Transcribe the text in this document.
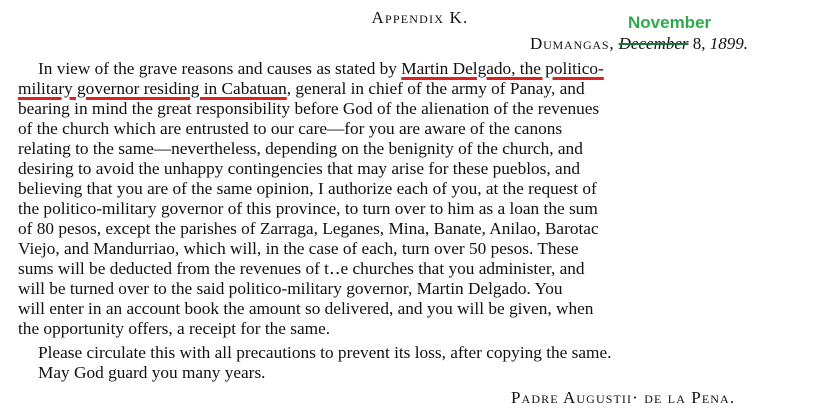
Appendix K.	November
Dumangas, December 8, 1899.
In view of the grave reasons and causes as stated by Martin Delgado, the politico-
military governor residing in Cabatuan, general in chief of the army of Panay, and
bearing in mind the great responsibility before God of the alienation of the revenues
of the church which are entrusted to our care—for you are aware of the canons
relating to the same—nevertheless, depending on the benignity of the church, and
desiring to avoid the unhappy contingencies that may arise for these pueblos, and
believing that you are of the same opinion, I authorize each of you, at the request of
the politico-military governor of this province, to turn over to him as a loan the sum
of 80 pesos, except the parishes of Zarraga, Leganes, Mina, Banate, Anilao, Barotac
Viejo, and Mandurriao, which will, in the case of each, turn over 50 pesos. These
sums will be deducted from the revenues of t‥e churches that you administer, and
will be turned over to the said politico-military governor, Martin Delgado. You
will enter in an account book the amount so delivered, and you will be given, when
the opportunity offers, a receipt for the same.
Please circulate this with all precautions to prevent its loss, after copying the same.
May God guard you many years.
Padre Augustiı· de la Pena.
